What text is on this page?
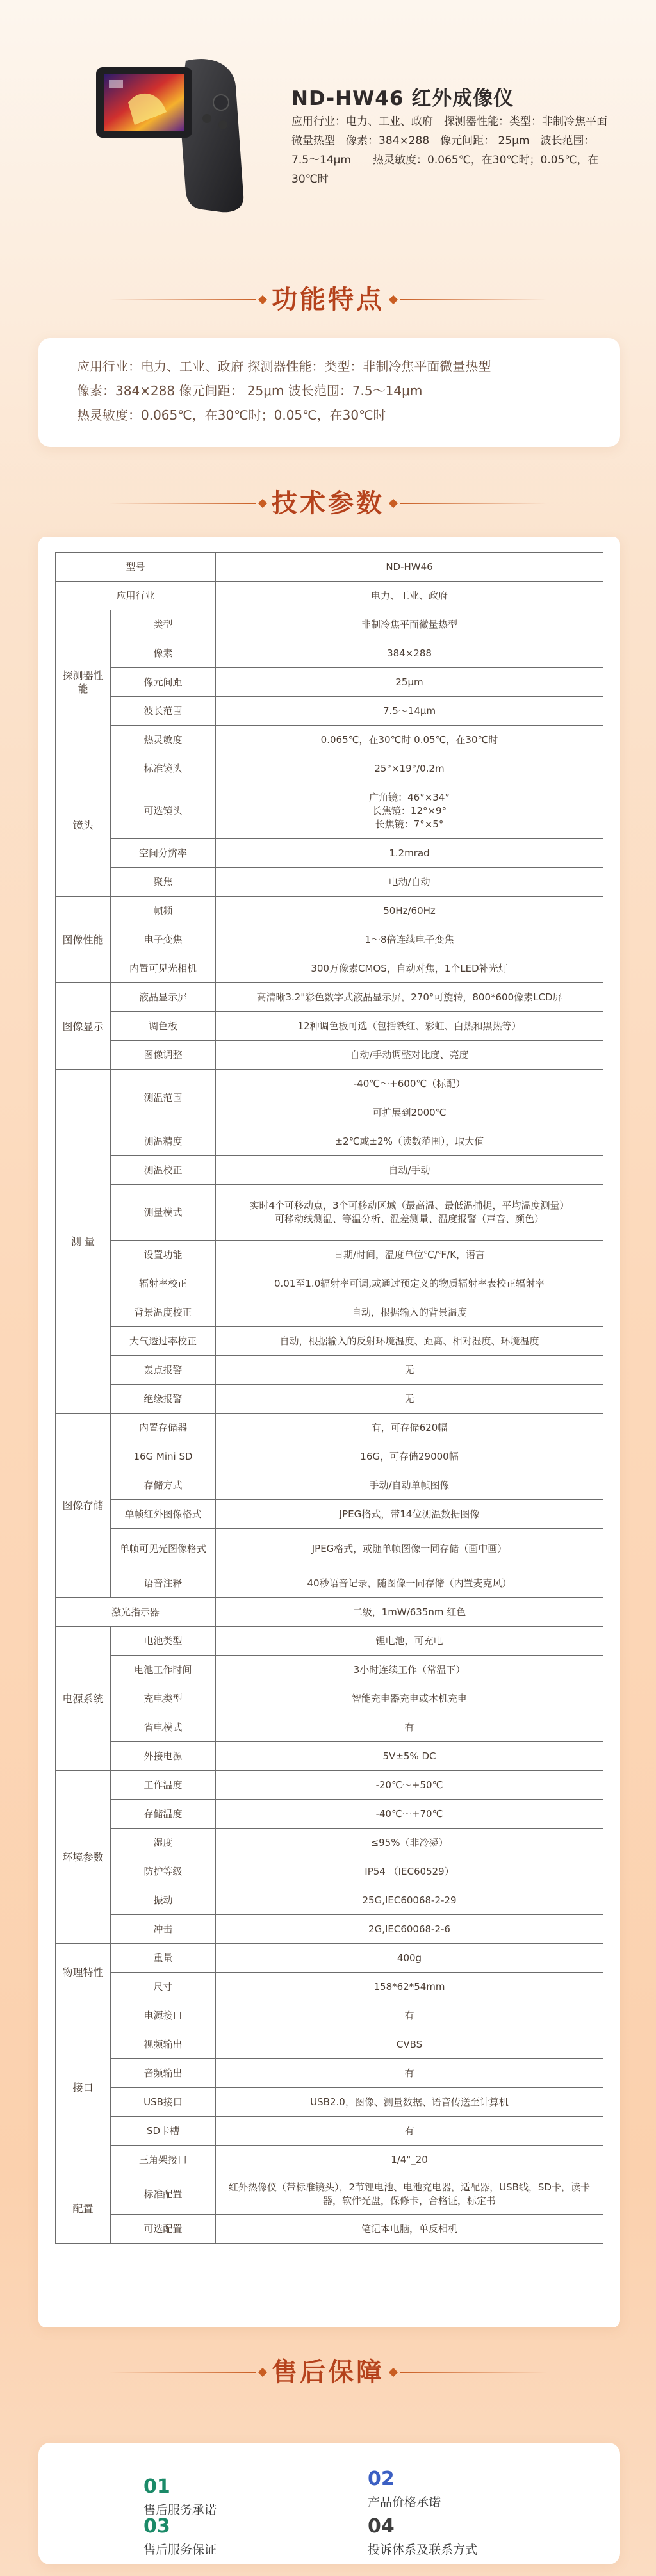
ND-HW46 红外成像仪

应用行业：电力、工业、政府　探测器性能：类型：非制冷焦平面微量热型　像素：384×288　像元间距： 25μm　波长范围：7.5～14μm　　热灵敏度：0.065℃，在30℃时；0.05℃，在30℃时

功能特点

应用行业：电力、工业、政府 探测器性能：类型：非制冷焦平面微量热型

像素：384×288 像元间距： 25μm 波长范围：7.5～14μm

热灵敏度：0.065℃，在30℃时；0.05℃，在30℃时

技术参数
型号		ND-HW46
应用行业		电力、工业、政府
探测器性能	类型	非制冷焦平面微量热型
	像素	384×288
	像元间距	25μm
	波长范围	7.5～14μm
	热灵敏度	0.065℃，在30℃时 0.05℃，在30℃时
镜头	标准镜头	25°×19°/0.2m
	可选镜头	广角镜：46°×34°
长焦镜：12°×9°
长焦镜：7°×5°
	空间分辨率	1.2mrad
	聚焦	电动/自动
图像性能	帧频	50Hz/60Hz
	电子变焦	1～8倍连续电子变焦
	内置可见光相机	300万像素CMOS，自动对焦，1个LED补光灯
图像显示	液晶显示屏	高清晰3.2"彩色数字式液晶显示屏，270°可旋转，800*600像素LCD屏
	调色板	12种调色板可选（包括铁红、彩虹、白热和黑热等）
	图像调整	自动/手动调整对比度、亮度
测 量	测温范围	-40℃～+600℃（标配）
		可扩展到2000℃
	测温精度	±2℃或±2%（读数范围），取大值
	测温校正	自动/手动
	测量模式	实时4个可移动点，3个可移动区域（最高温、最低温捕捉，平均温度测量）
可移动线测温、等温分析、温差测量、温度报警（声音、颜色）
	设置功能	日期/时间，温度单位℃/℉/K，语言
	辐射率校正	0.01至1.0辐射率可调,或通过预定义的物质辐射率表校正辐射率
	背景温度校正	自动，根据输入的背景温度
	大气透过率校正	自动，根据输入的反射环境温度、距离、相对湿度、环境温度
	轰点报警	无
	绝缘报警	无
图像存储	内置存储器	有，可存储620幅
	16G Mini SD	16G，可存储29000幅
	存储方式	手动/自动单帧图像
	单帧红外图像格式	JPEG格式，带14位测温数据图像
	单帧可见光图像格式	JPEG格式，或随单帧图像一同存储（画中画）
	语音注释	40秒语音记录，随图像一同存储（内置麦克风）
激光指示器		二级，1mW/635nm 红色
电源系统	电池类型	锂电池，可充电
	电池工作时间	3小时连续工作（常温下）
	充电类型	智能充电器充电或本机充电
	省电模式	有
	外接电源	5V±5% DC
环境参数	工作温度	-20℃～+50℃
	存储温度	-40℃～+70℃
	湿度	≤95%（非冷凝）
	防护等级	IP54 （IEC60529）
	振动	25G,IEC60068-2-29
	冲击	2G,IEC60068-2-6
物理特性	重量	400g
	尺寸	158*62*54mm
接口	电源接口	有
	视频输出	CVBS
	音频输出	有
	USB接口	USB2.0，图像、测量数据、语音传送至计算机
	SD卡槽	有
	三角架接口	1/4"_20
配置	标准配置	红外热像仪（带标准镜头），2节锂电池、电池充电器，适配器，USB线，SD卡，读卡器，软件光盘，保修卡，合格证，标定书
	可选配置	笔记本电脑，单反相机
售后保障
01
售后服务承诺
02
产品价格承诺
03
售后服务保证
04
投诉体系及联系方式
